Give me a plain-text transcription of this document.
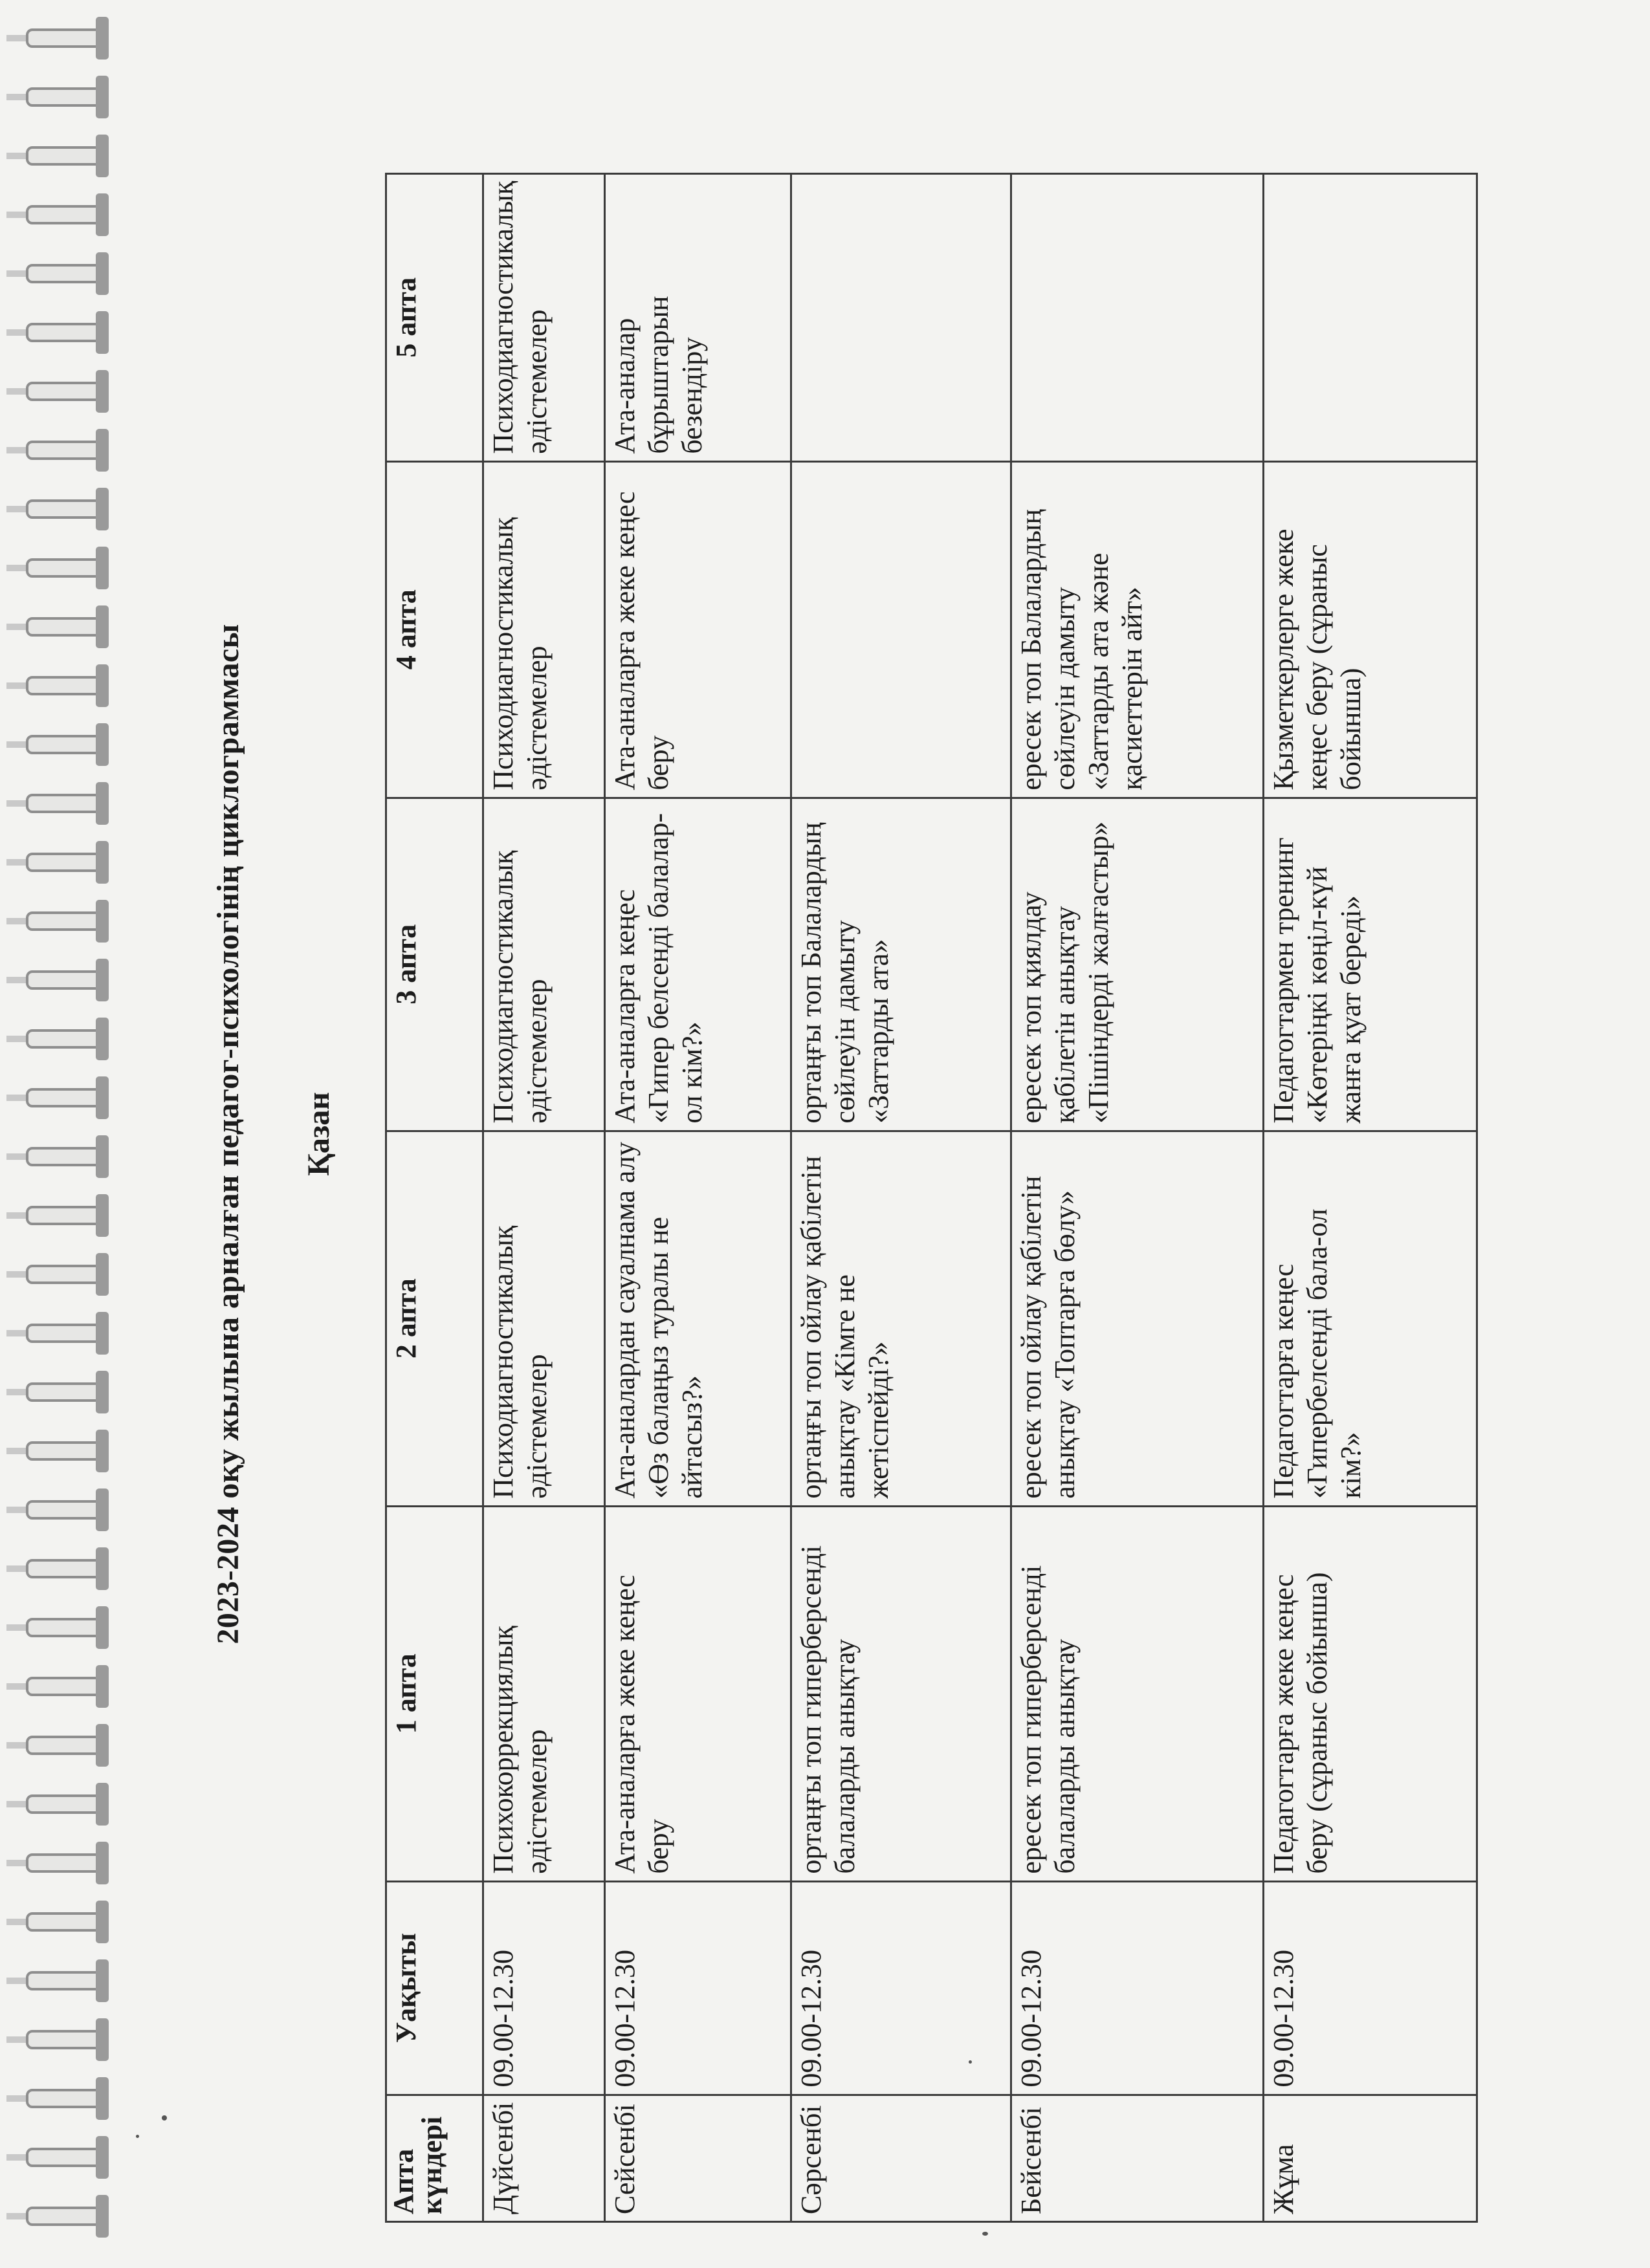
2023-2024 оқу жылына арналған педагог-психологінің циклограммасы Қазан
Апта күндері	Уақыты	1 апта	2 апта	3 апта	4 апта	5 апта
Дүйсенбі	09.00-12.30	Психокоррекциялық әдістемелер	Психодиагностикалық әдістемелер	Психодиагностикалық әдістемелер	Психодиагностикалық әдістемелер	Психодиагностикалық әдістемелер
Сейсенбі	09.00-12.30	Ата-аналарға жеке кеңес беру	Ата-аналардан сауалнама алу «Өз балаңыз туралы не айтасыз?»	Ата-аналарға кеңес «Гипер белсенді балалар-ол кім?»	Ата-аналарға жеке кеңес беру	Ата-аналар бұрыштарын безендіру
Сәрсенбі	09.00-12.30	ортаңғы топ гиперберсенді балаларды анықтау	ортаңғы топ ойлау қабілетін анықтау «Кімге не жетіспейді?»	ортаңғы топ Балалардың сөйлеуін дамыту «Заттарды ата»		
Бейсенбі	09.00-12.30	ересек топ гиперберсенді балаларды анықтау	ересек топ ойлау қабілетін анықтау «Топтарға бөлу»	ересек топ қиялдау қабілетін анықтау «Пішіндерді жалғастыр»	ересек топ Балалардың сөйлеуін дамыту «Заттарды ата және қасиеттерін айт»	
Жұма	09.00-12.30	Педагогтарға жеке кеңес беру (сұраныс бойынша)	Педагогтарға кеңес «Гипербелсенді бала-ол кім?»	Педагогтармен тренинг «Көтеріңкі көңіл-күй жанға қуат береді»	Қызметкерлерге жеке кеңес беру (сұраныс бойынша)	
